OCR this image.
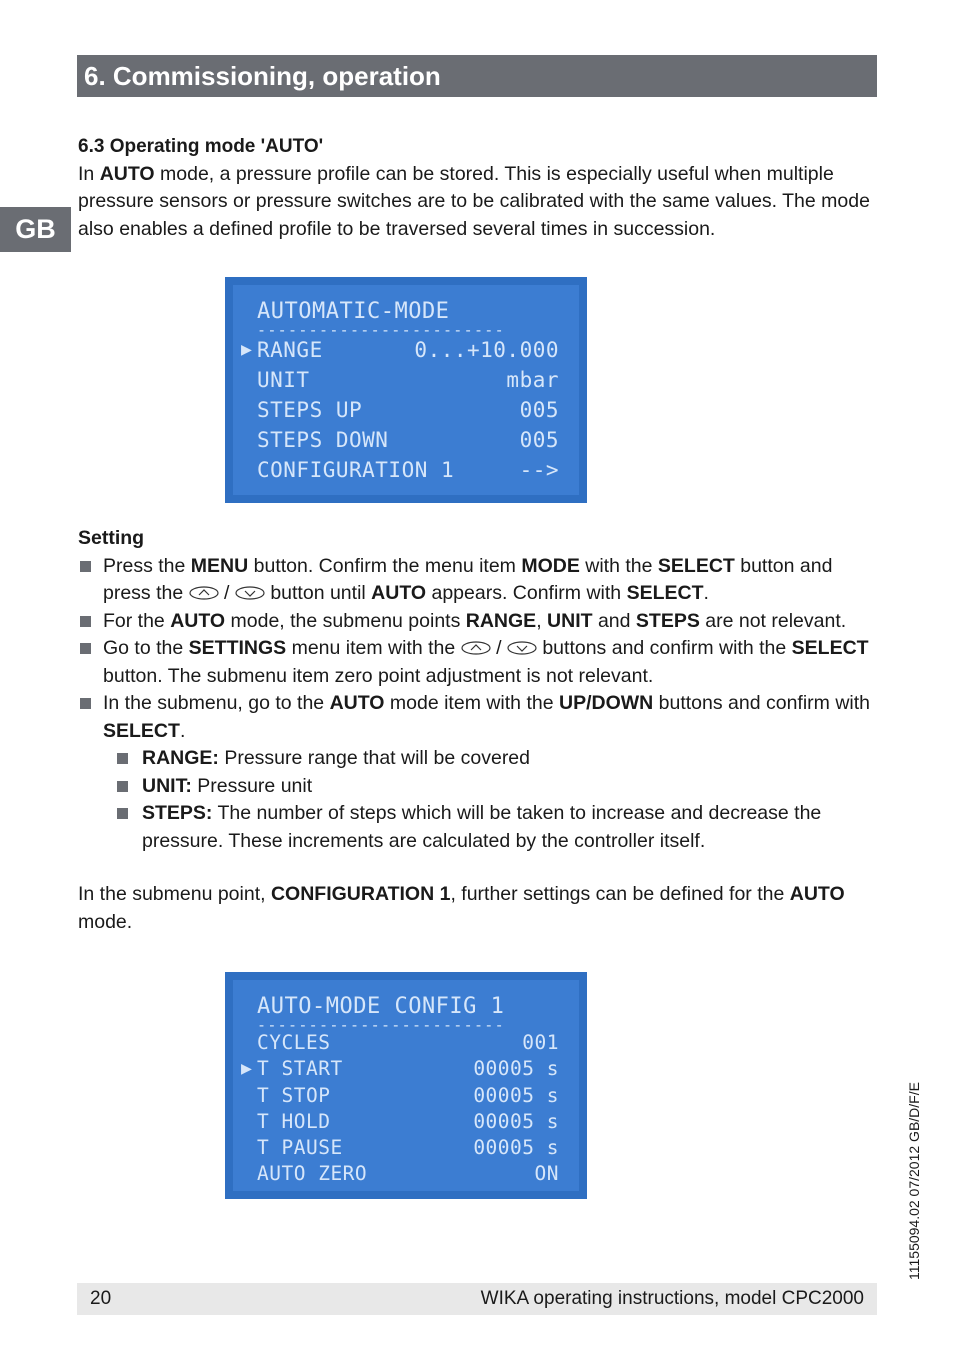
6. Commissioning, operation
GB

6.3 Operating mode 'AUTO'

In AUTO mode, a pressure profile can be stored. This is especially useful when multiple pressure sensors or pressure switches are to be calibrated with the same values. The mode also enables a defined profile to be traversed several times in succession.

AUTOMATIC-MODE
------------------------
▶ RANGE	0...+10.000
UNIT	mbar
STEPS UP	005
STEPS DOWN	005
CONFIGURATION 1	-->

Setting

Press the MENU button. Confirm the menu item MODE with the SELECT button and press the  /  button until AUTO appears. Confirm with SELECT.
For the AUTO mode, the submenu points RANGE, UNIT and STEPS are not relevant.
Go to the SETTINGS menu item with the  /  buttons and confirm with the SELECT button. The submenu item zero point adjustment is not relevant.
In the submenu, go to the AUTO mode item with the UP/DOWN buttons and confirm with SELECT.
RANGE: Pressure range that will be covered
UNIT: Pressure unit
STEPS: The number of steps which will be taken to increase and decrease the pressure. These increments are calculated by the controller itself.

In the submenu point, CONFIGURATION 1, further settings can be defined for the AUTO mode.

AUTO-MODE CONFIG 1
------------------------
CYCLES	001
▶ T START	00005 s
T STOP	00005 s
T HOLD	00005 s
T PAUSE	00005 s
AUTO ZERO	ON	11155094.02 07/2012 GB/D/F/E
20	WIKA operating instructions, model CPC2000
